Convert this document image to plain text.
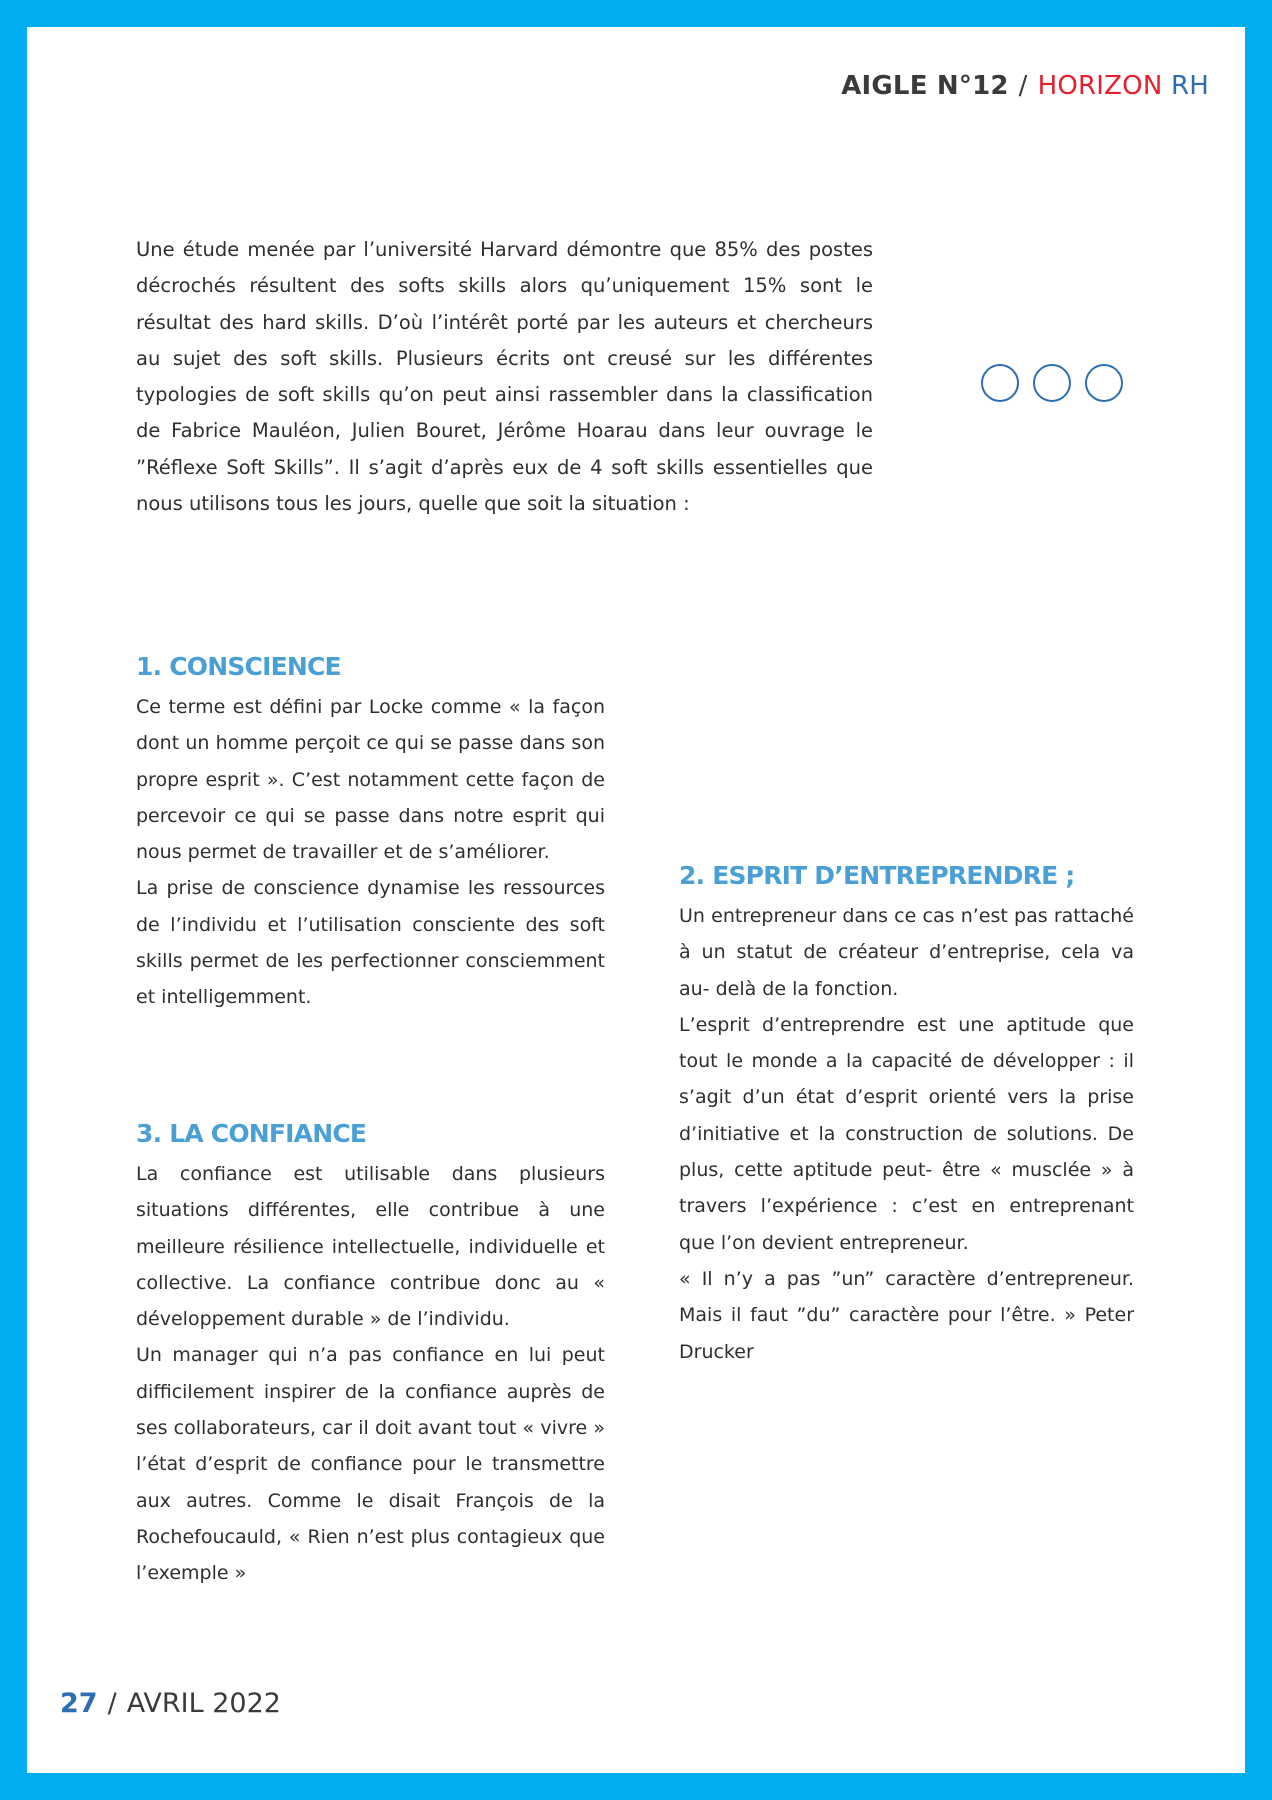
AIGLE N°12 / HORIZON RH

Une étude menée par l’université Harvard démontre que 85% des postes décrochés résultent des softs skills alors qu’uniquement 15% sont le résultat des hard skills. D’où l’intérêt porté par les auteurs et chercheurs au sujet des soft skills. Plusieurs écrits ont creusé sur les différentes typologies de soft skills qu’on peut ainsi rassembler dans la classification de Fabrice Mauléon, Julien Bouret, Jérôme Hoarau dans leur ouvrage le ”Réflexe Soft Skills”. Il s’agit d’après eux de 4 soft skills essentielles que nous utilisons tous les jours, quelle que soit la situation :

1. CONSCIENCE

Ce terme est défini par Locke comme « la façon dont un homme perçoit ce qui se passe dans son propre esprit ». C’est notamment cette façon de percevoir ce qui se passe dans notre esprit qui nous permet de travailler et de s’améliorer.

La prise de conscience dynamise les ressources de l’individu et l’utilisation consciente des soft skills permet de les perfectionner consciemment et intelligemment.

2. ESPRIT D’ENTREPRENDRE ;

Un entrepreneur dans ce cas n’est pas rattaché à un statut de créateur d’entreprise, cela va au- delà de la fonction.

L’esprit d’entreprendre est une aptitude que tout le monde a la capacité de développer : il s’agit d’un état d’esprit orienté vers la prise d’initiative et la construction de solutions. De plus, cette aptitude peut- être « musclée » à travers l’expérience : c’est en entreprenant que l’on devient entrepreneur.

« Il n’y a pas ”un” caractère d’entrepreneur. Mais il faut ”du” caractère pour l’être. » Peter Drucker

3. LA CONFIANCE

La confiance est utilisable dans plusieurs situations différentes, elle contribue à une meilleure résilience intellectuelle, individuelle et collective. La confiance contribue donc au « développement durable » de l’individu.

Un manager qui n’a pas confiance en lui peut difficilement inspirer de la confiance auprès de ses collaborateurs, car il doit avant tout « vivre » l’état d’esprit de confiance pour le transmettre aux autres. Comme le disait François de la Rochefoucauld, « Rien n’est plus contagieux que l’exemple »

27 / AVRIL 2022
